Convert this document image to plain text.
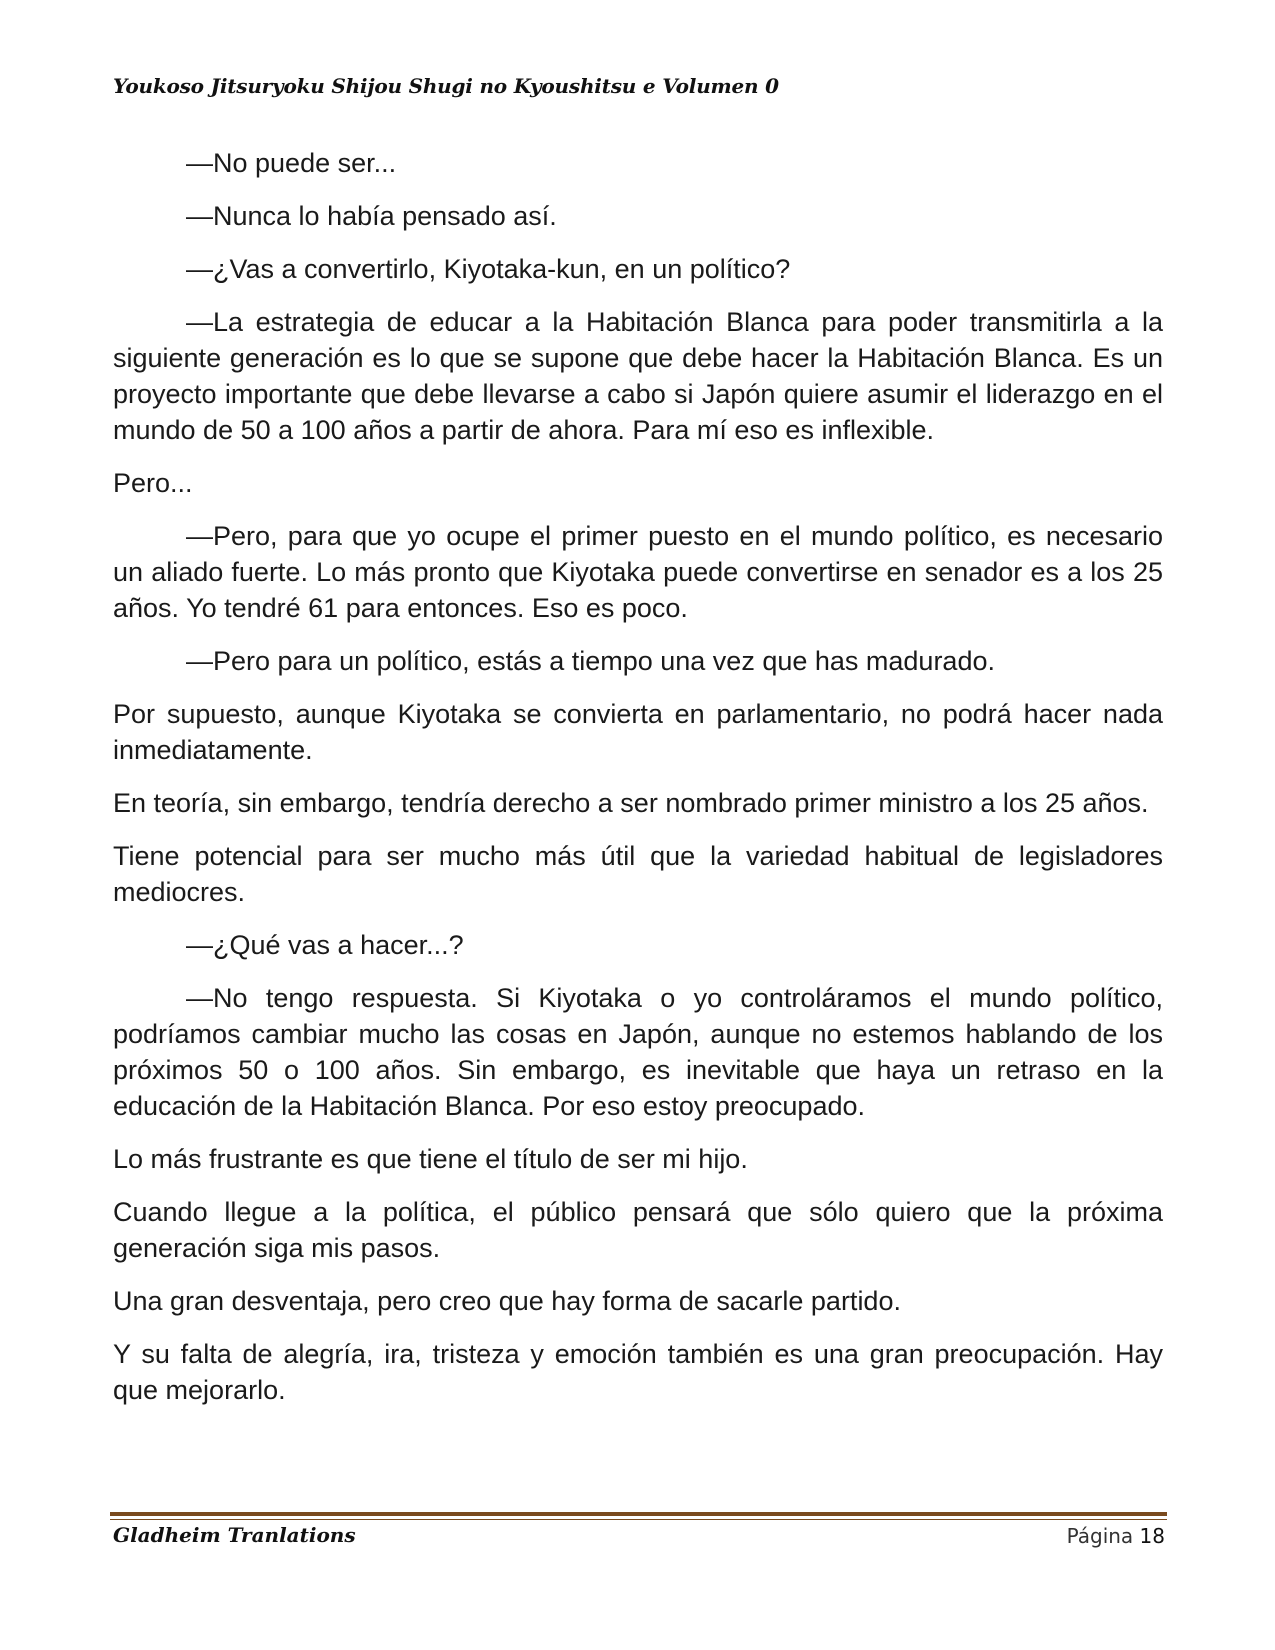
Youkoso Jitsuryoku Shijou Shugi no Kyoushitsu e Volumen 0

—No puede ser...

—Nunca lo había pensado así.

—¿Vas a convertirlo, Kiyotaka-kun, en un político?

—La estrategia de educar a la Habitación Blanca para poder transmitirla a la siguiente generación es lo que se supone que debe hacer la Habitación Blanca. Es un proyecto importante que debe llevarse a cabo si Japón quiere asumir el liderazgo en el mundo de 50 a 100 años a partir de ahora. Para mí eso es inflexible.

Pero...

—Pero, para que yo ocupe el primer puesto en el mundo político, es necesario un aliado fuerte. Lo más pronto que Kiyotaka puede convertirse en senador es a los 25 años. Yo tendré 61 para entonces. Eso es poco.

—Pero para un político, estás a tiempo una vez que has madurado.

Por supuesto, aunque Kiyotaka se convierta en parlamentario, no podrá hacer nada inmediatamente.

En teoría, sin embargo, tendría derecho a ser nombrado primer ministro a los 25 años.

Tiene potencial para ser mucho más útil que la variedad habitual de legisladores mediocres.

—¿Qué vas a hacer...?

—No tengo respuesta. Si Kiyotaka o yo controláramos el mundo político, podríamos cambiar mucho las cosas en Japón, aunque no estemos hablando de los próximos 50 o 100 años. Sin embargo, es inevitable que haya un retraso en la educación de la Habitación Blanca. Por eso estoy preocupado.

Lo más frustrante es que tiene el título de ser mi hijo.

Cuando llegue a la política, el público pensará que sólo quiero que la próxima generación siga mis pasos.

Una gran desventaja, pero creo que hay forma de sacarle partido.

Y su falta de alegría, ira, tristeza y emoción también es una gran preocupación. Hay que mejorarlo.

Gladheim Tranlations	Página 18
